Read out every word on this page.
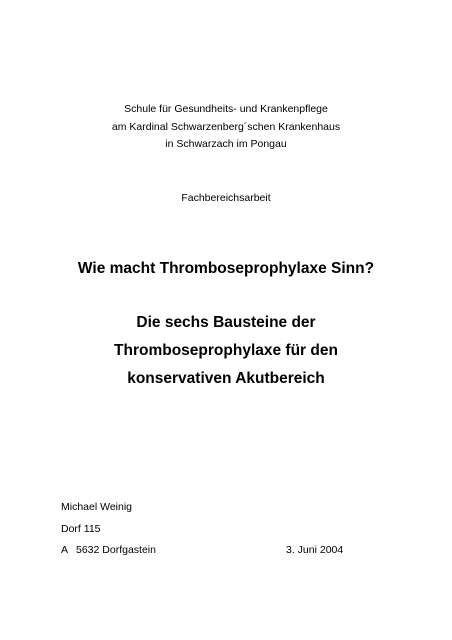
Schule für Gesundheits- und Krankenpflege
am Kardinal Schwarzenberg´schen Krankenhaus
in Schwarzach im Pongau
Fachbereichsarbeit
Wie macht Thromboseprophylaxe Sinn?
Die sechs Bausteine der
Thromboseprophylaxe für den
konservativen Akutbereich
Michael Weinig
Dorf 115
A 5632 Dorfgastein	3. Juni 2004
